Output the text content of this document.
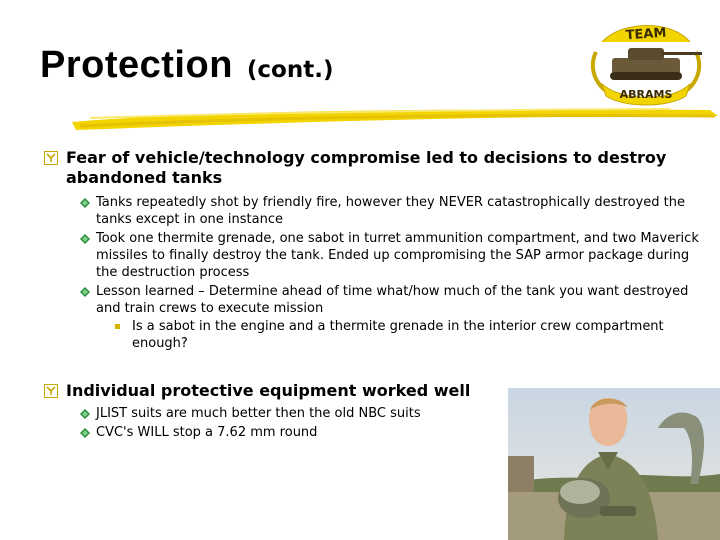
Protection (cont.)
TEAM
ABRAMS
Fear of vehicle/technology compromise led to decisions to destroy abandoned tanks
Tanks repeatedly shot by friendly fire, however they NEVER catastrophically destroyed the tanks except in one instance
Took one thermite grenade, one sabot in turret ammunition compartment, and two Maverick missiles to finally destroy the tank. Ended up compromising the SAP armor package during the destruction process
Lesson learned – Determine ahead of time what/how much of the tank you want destroyed and train crews to execute mission
Is a sabot in the engine and a thermite grenade in the interior crew compartment enough?
Individual protective equipment worked well
JLIST suits are much better then the old NBC suits
CVC's WILL stop a 7.62 mm round
